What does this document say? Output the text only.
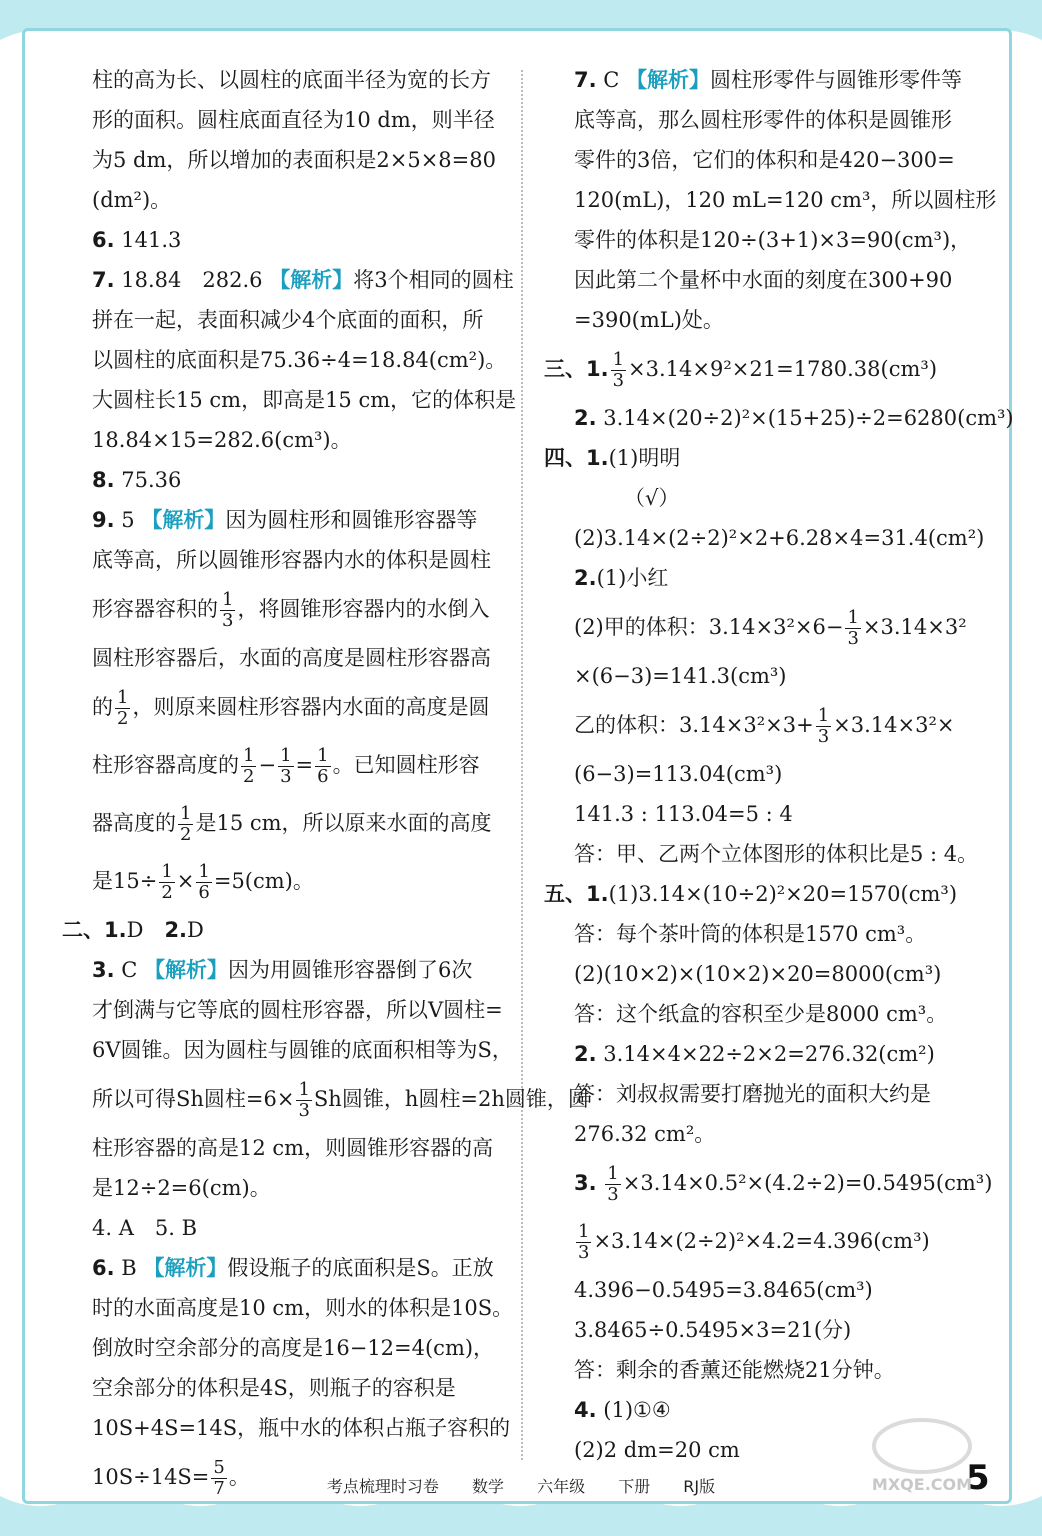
柱的高为长、以圆柱的底面半径为宽的长方
形的面积。圆柱底面直径为10 dm，则半径
为5 dm，所以增加的表面积是2×5×8=80
(dm²)。
6. 141.3
7. 18.84　282.6 【解析】将3个相同的圆柱
拼在一起，表面积减少4个底面的面积，所
以圆柱的底面积是75.36÷4=18.84(cm²)。
大圆柱长15 cm，即高是15 cm，它的体积是
18.84×15=282.6(cm³)。
8. 75.36
9. 5 【解析】因为圆柱形和圆锥形容器等
底等高，所以圆锥形容器内水的体积是圆柱
形容器容积的 $\frac{1}{3}$ ，将圆锥形容器内的水倒入
圆柱形容器后，水面的高度是圆柱形容器高
的 $\frac{1}{2}$ ，则原来圆柱形容器内水面的高度是圆
柱形容器高度的 $\frac{1}{2} - \frac{1}{3} = \frac{1}{6}$ 。已知圆柱形容
器高度的 $\frac{1}{2}$ 是15 cm，所以原来水面的高度
是$15\div \frac{1}{2} \times \frac{1}{6} =5(cm)$。
二、1.D　 2.D
3. C 【解析】因为用圆锥形容器倒了6次
才倒满与它等底的圆柱形容器，所以V圆柱=
6V圆锥。因为圆柱与圆锥的底面积相等为S，
所以可得Sh圆柱$=6\times \frac{1}{3}$ Sh圆锥，h圆柱=2h圆锥，圆
柱形容器的高是12 cm，则圆锥形容器的高
是12÷2=6(cm)。
4. A　5. B
6. B 【解析】假设瓶子的底面积是S。正放
时的水面高度是10 cm，则水的体积是10S。
倒放时空余部分的高度是16−12=4(cm)，
空余部分的体积是4S，则瓶子的容积是
10S+4S=14S，瓶中水的体积占瓶子容积的
$10S\div 14S= \frac{5}{7}$ 。
7. C 【解析】圆柱形零件与圆锥形零件等
底等高，那么圆柱形零件的体积是圆锥形
零件的3倍，它们的体积和是420−300=
120(mL)，120 mL=120 cm³，所以圆柱形
零件的体积是120÷(3+1)×3=90(cm³)，
因此第二个量杯中水面的刻度在300+90
=390(mL)处。
三、1. $\frac{1}{3} \times 3.14\times 9^2\times 21=1780.38(cm^3)$
2. 3.14×(20÷2)²×(15+25)÷2=6280(cm³)
四、1.(1)明明
（√）
(2)3.14×(2÷2)²×2+6.28×4=31.4(cm²)
2.(1)小红
(2)甲的体积：$3.14\times 3^2\times 6- \frac{1}{3} \times 3.14\times 3^2$
×(6−3)=141.3(cm³)
乙的体积：$3.14\times 3^2\times 3+ \frac{1}{3} \times 3.14\times 3^2\times$
(6−3)=113.04(cm³)
141.3 : 113.04=5 : 4
答：甲、乙两个立体图形的体积比是5 : 4。
五、1.(1)3.14×(10÷2)²×20=1570(cm³)
答：每个茶叶筒的体积是1570 cm³。
(2)(10×2)×(10×2)×20=8000(cm³)
答：这个纸盒的容积至少是8000 cm³。
2. 3.14×4×22÷2×2=276.32(cm²)
答：刘叔叔需要打磨抛光的面积大约是
276.32 cm²。
3. $\frac{1}{3} \times 3.14\times 0.5^2\times(4.2\div 2)=0.5495(cm^3)$
$\frac{1}{3} \times 3.14\times(2\div 2)^2\times 4.2=4.396(cm^3)$
4.396−0.5495=3.8465(cm³)
3.8465÷0.5495×3=21(分)
答：剩余的香薰还能燃烧21分钟。
4. (1)①④
(2)2 dm=20 cm
考点梳理时习卷 数学 六年级 下册 RJ版	5
MXQE.COM
